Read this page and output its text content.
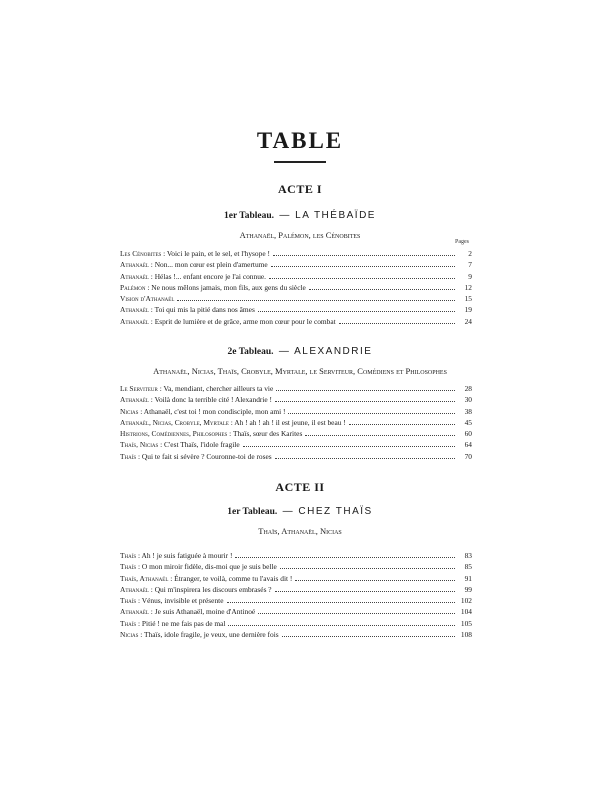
TABLE
ACTE I

1er Tableau. — LA THÉBAÏDE

Athanaël, Palémon, les Cénobites

Pages
Les Cénobites : Voici le pain, et le sel, et l'hysope !	2
Athanaël : Non... mon cœur est plein d'amertume	7
Athanaël : Hélas !... enfant encore je l'ai connue.	9
Palémon : Ne nous mêlons jamais, mon fils, aux gens du siècle	12
Vision d'Athanaël	15
Athanaël : Toi qui mis la pitié dans nos âmes	19
Athanaël : Esprit de lumière et de grâce, arme mon cœur pour le combat	24

2e Tableau. — ALEXANDRIE

Athanaël, Nicias, Thaïs, Crobyle, Myrtale, le Serviteur, Comédiens et Philosophes

Le Serviteur : Va, mendiant, chercher ailleurs ta vie	28
Athanaël : Voilà donc la terrible cité ! Alexandrie !	30
Nicias : Athanaël, c'est toi ! mon condisciple, mon ami !	38
Athanaël, Nicias, Crobyle, Myrtale : Ah ! ah ! ah ! il est jeune, il est beau !	45
Histrions, Comédiennes, Philosophes : Thaïs, sœur des Karites	60
Thaïs, Nicias : C'est Thaïs, l'idole fragile	64
Thaïs : Qui te fait si sévère ? Couronne-toi de roses	70
ACTE II

1er Tableau. — CHEZ THAÏS

Thaïs, Athanaël, Nicias

Thaïs : Ah ! je suis fatiguée à mourir !	83
Thaïs : O mon miroir fidèle, dis-moi que je suis belle	85
Thaïs, Athanaël : Étranger, te voilà, comme tu l'avais dit !	91
Athanaël : Qui m'inspirera les discours embrasés ?	99
Thaïs : Vénus, invisible et présente	102
Athanaël : Je suis Athanaël, moine d'Antinoé	104
Thaïs : Pitié ! ne me fais pas de mal	105
Nicias : Thaïs, idole fragile, je veux, une dernière fois	108
